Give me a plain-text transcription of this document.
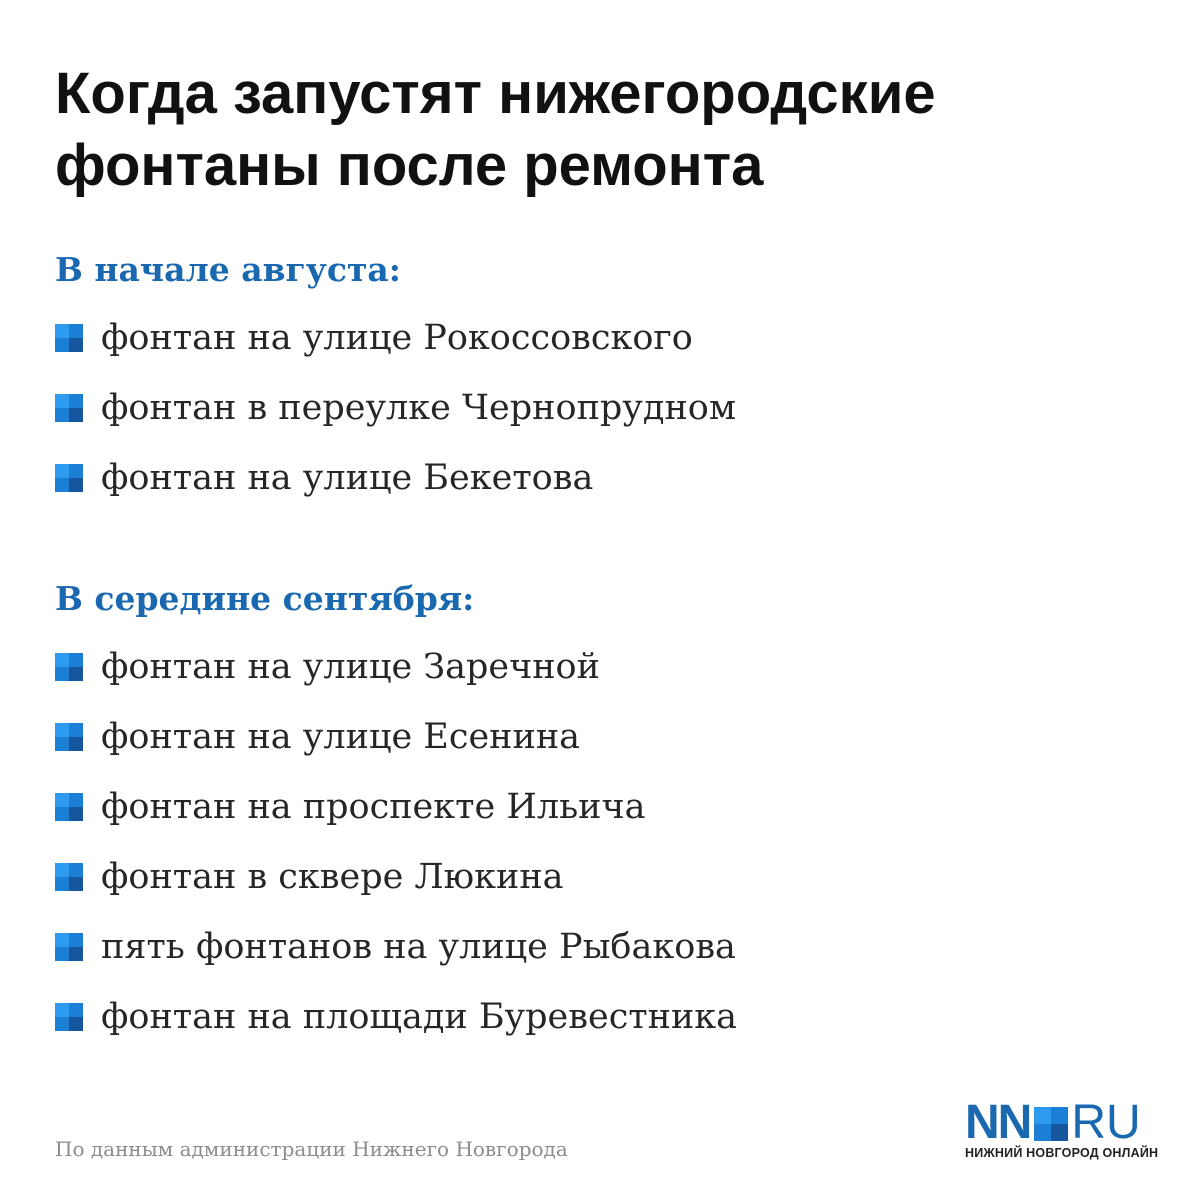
Когда запустят нижегородские
фонтаны после ремонта
В начале августа:
фонтан на улице Рокоссовского
фонтан в переулке Чернопрудном
фонтан на улице Бекетова
В середине сентября:
фонтан на улице Заречной
фонтан на улице Есенина
фонтан на проспекте Ильича
фонтан в сквере Люкина
пять фонтанов на улице Рыбакова
фонтан на площади Буревестника
По данным администрации Нижнего Новгорода	NN RU
НИЖНИЙ НОВГОРОД ОНЛАЙН
